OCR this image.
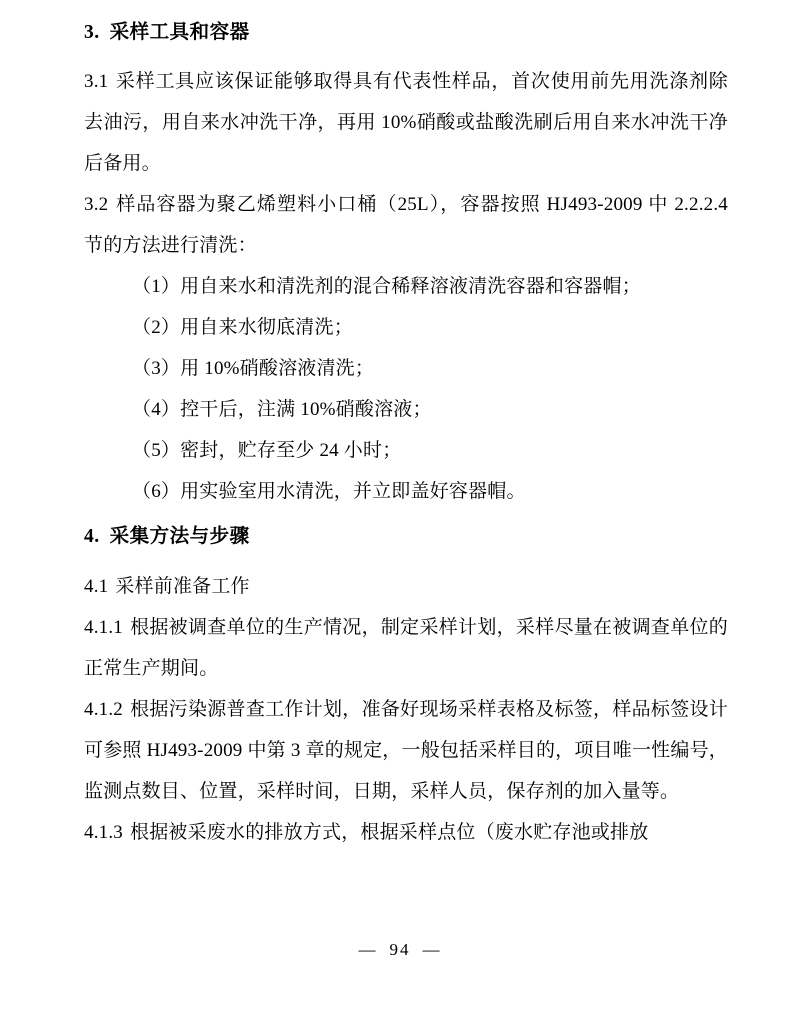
3. 采样工具和容器

3.1 采样工具应该保证能够取得具有代表性样品，首次使用前先用洗涤剂除去油污，用自来水冲洗干净，再用 10%硝酸或盐酸洗刷后用自来水冲洗干净后备用。

3.2 样品容器为聚乙烯塑料小口桶（25L），容器按照 HJ493-2009 中 2.2.2.4 节的方法进行清洗：

（1）用自来水和清洗剂的混合稀释溶液清洗容器和容器帽；

（2）用自来水彻底清洗；

（3）用 10%硝酸溶液清洗；

（4）控干后，注满 10%硝酸溶液；

（5）密封，贮存至少 24 小时；

（6）用实验室用水清洗，并立即盖好容器帽。

4. 采集方法与步骤

4.1 采样前准备工作

4.1.1 根据被调查单位的生产情况，制定采样计划，采样尽量在被调查单位的正常生产期间。

4.1.2 根据污染源普查工作计划，准备好现场采样表格及标签，样品标签设计可参照 HJ493-2009 中第 3 章的规定，一般包括采样目的，项目唯一性编号，监测点数目、位置，采样时间，日期，采样人员，保存剂的加入量等。

4.1.3 根据被采废水的排放方式，根据采样点位（废水贮存池或排放

— 94 —
